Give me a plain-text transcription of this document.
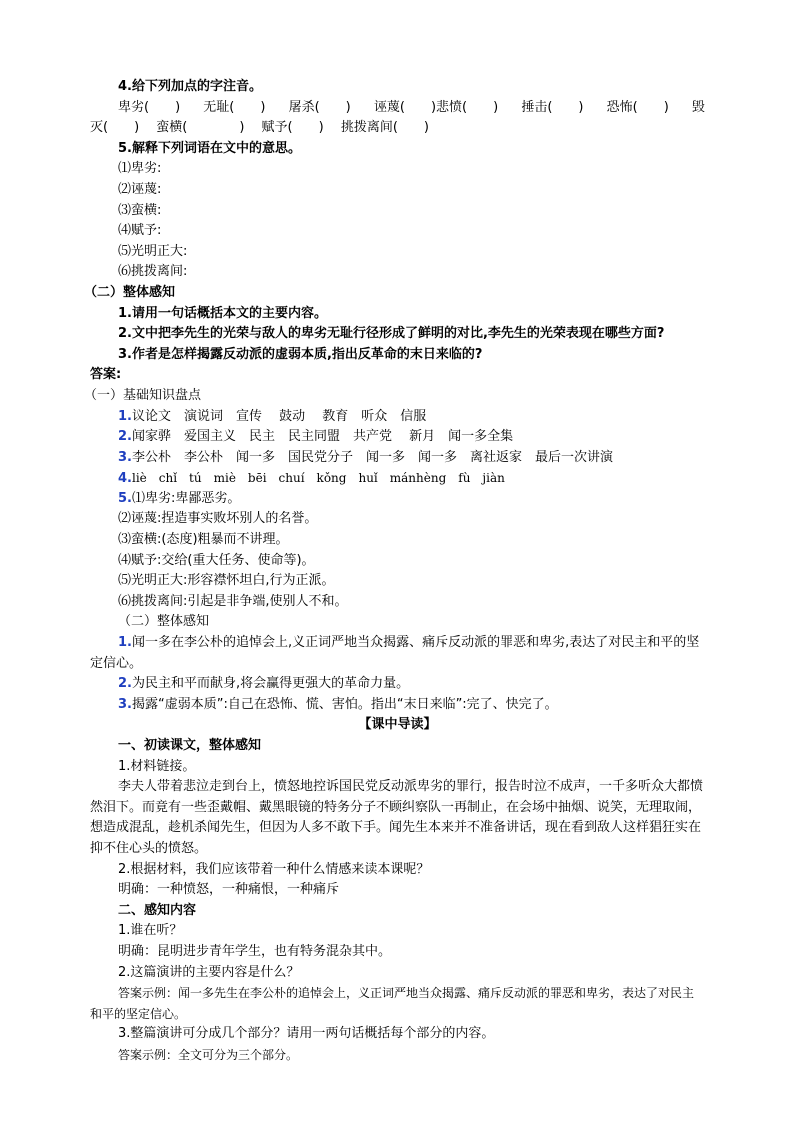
4.给下列加点的字注音。
卑劣(　　) 无耻(　　) 屠杀(　　) 诬蔑(　　)悲愤(　　) 捶击(　　) 恐怖(　　) 毁
灭(　　)　 蛮横(　　　　)　 赋予(　　)　 挑拨离间(　　)
5.解释下列词语在文中的意思。
⑴卑劣:
⑵诬蔑:
⑶蛮横:
⑷赋予:
⑸光明正大:
⑹挑拨离间:
（二）整体感知
1.请用一句话概括本文的主要内容。
2.文中把李先生的光荣与敌人的卑劣无耻行径形成了鲜明的对比,李先生的光荣表现在哪些方面?
3.作者是怎样揭露反动派的虚弱本质,指出反革命的末日来临的?
答案:
（一）基础知识盘点
1.议论文　演说词　宣传　 鼓动　 教育　听众　信服
2.闻家骅　爱国主义　民主　民主同盟　共产党　 新月　闻一多全集
3.李公朴　李公朴　闻一多　国民党分子　闻一多　闻一多　离社返家　最后一次讲演
4.liè　chǐ　tú　miè　bēi　chuí　kǒng　huǐ　mánhèng　fù　jiàn
5.⑴卑劣:卑鄙恶劣。
⑵诬蔑:捏造事实败坏别人的名誉。
⑶蛮横:(态度)粗暴而不讲理。
⑷赋予:交给(重大任务、使命等)。
⑸光明正大:形容襟怀坦白,行为正派。
⑹挑拨离间:引起是非争端,使别人不和。
（二）整体感知
1.闻一多在李公朴的追悼会上,义正词严地当众揭露、痛斥反动派的罪恶和卑劣,表达了对民主和平的坚定信心。
2.为民主和平而献身,将会赢得更强大的革命力量。
3.揭露“虚弱本质”:自己在恐怖、慌、害怕。指出“末日来临”:完了、快完了。
【课中导读】
一、初读课文，整体感知
1.材料链接。
李夫人带着悲泣走到台上，愤怒地控诉国民党反动派卑劣的罪行，报告时泣不成声，一千多听众大都愤然泪下。而竟有一些歪戴帽、戴黑眼镜的特务分子不顾纠察队一再制止，在会场中抽烟、说笑，无理取闹，想造成混乱，趁机杀闻先生，但因为人多不敢下手。闻先生本来并不准备讲话，现在看到敌人这样猖狂实在抑不住心头的愤怒。
2.根据材料，我们应该带着一种什么情感来读本课呢？
明确：一种愤怒，一种痛恨，一种痛斥
二、感知内容
1.谁在听？
明确：昆明进步青年学生，也有特务混杂其中。
2.这篇演讲的主要内容是什么？
答案示例：闻一多先生在李公朴的追悼会上，义正词严地当众揭露、痛斥反动派的罪恶和卑劣，表达了对民主和平的坚定信心。
3.整篇演讲可分成几个部分？请用一两句话概括每个部分的内容。
答案示例：全文可分为三个部分。
